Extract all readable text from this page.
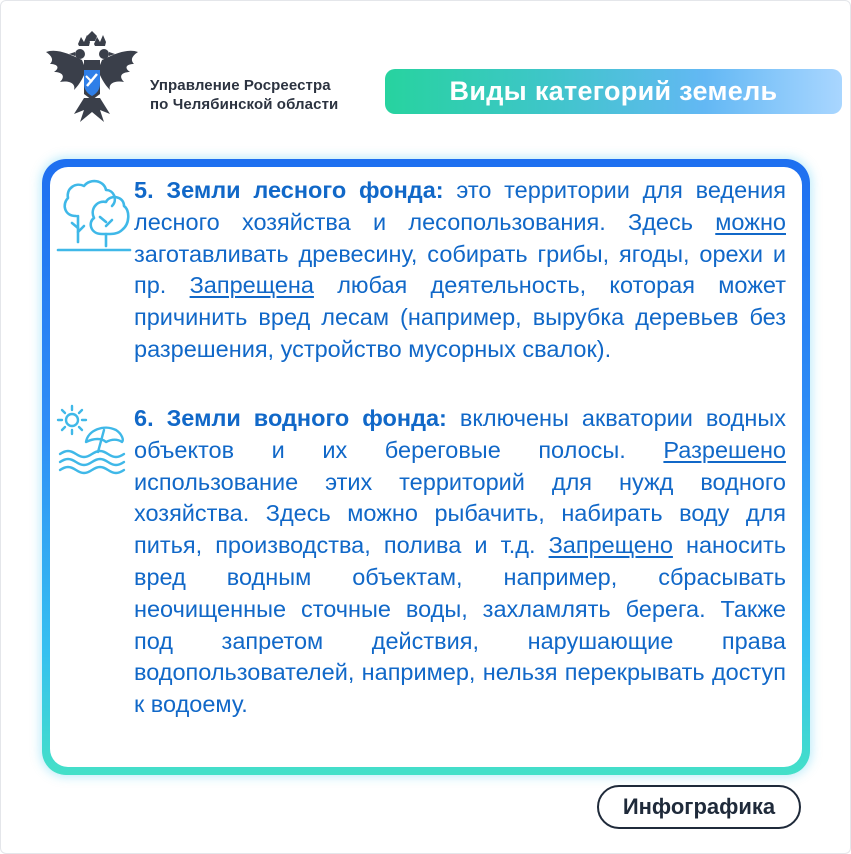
Управление Росреестра
по Челябинской области	Виды категорий земель
5. Земли лесного фонда: это территории для ведения лесного хозяйства и лесопользования. Здесь можно заготавливать древесину, собирать грибы, ягоды, орехи и пр. Запрещена любая деятельность, которая может причинить вред лесам (например, вырубка деревьев без разрешения, устройство мусорных свалок).
6. Земли водного фонда: включены акватории водных объектов и их береговые полосы. Разрешено использование этих территорий для нужд водного хозяйства. Здесь можно рыбачить, набирать воду для питья, производства, полива и т.д. Запрещено наносить вред водным объектам, например, сбрасывать неочищенные сточные воды, захламлять берега. Также под запретом действия, нарушающие права водопользователей, например, нельзя перекрывать доступ к водоему.
Инфографика
